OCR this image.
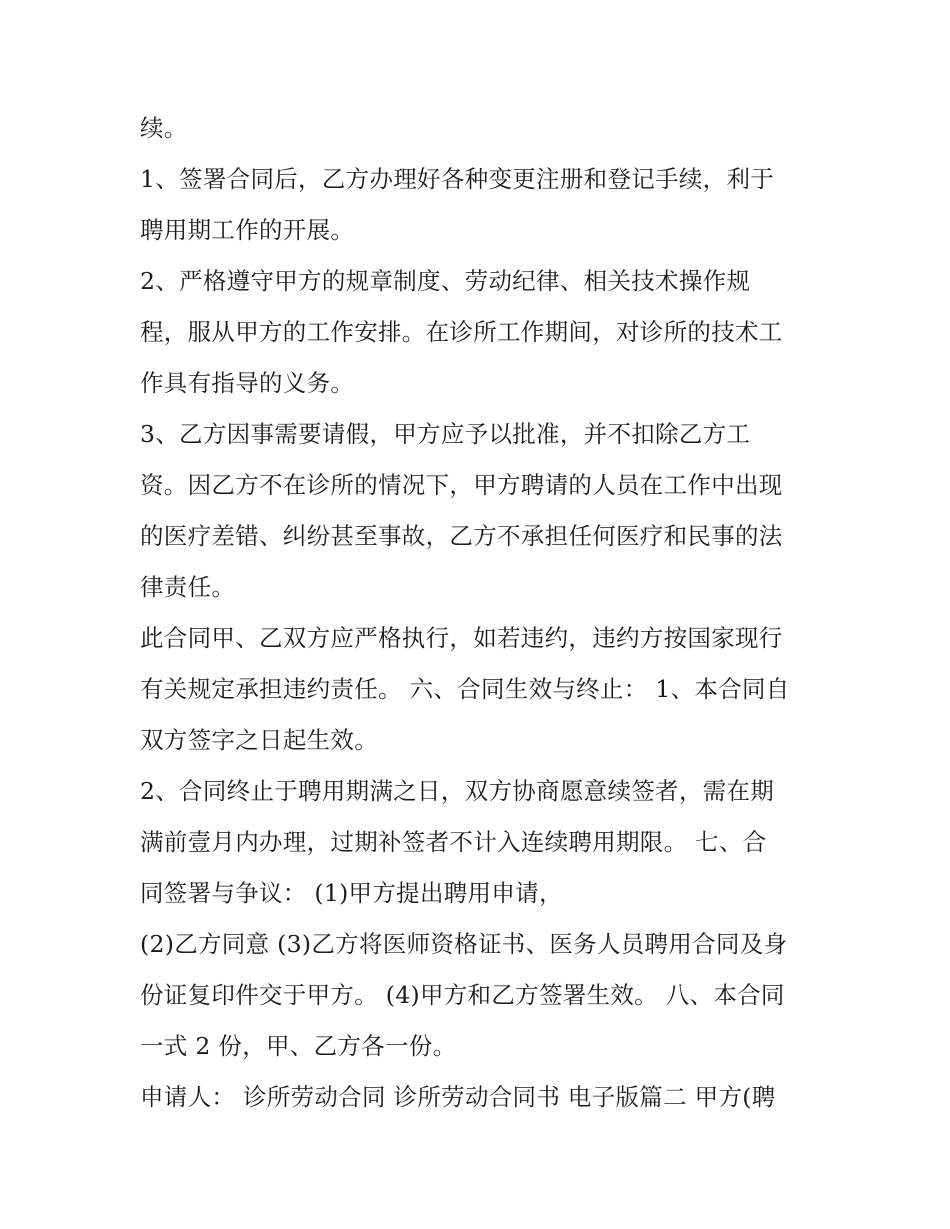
续。
1、签署合同后，乙方办理好各种变更注册和登记手续，利于
聘用期工作的开展。
2、严格遵守甲方的规章制度、劳动纪律、相关技术操作规
程，服从甲方的工作安排。在诊所工作期间，对诊所的技术工
作具有指导的义务。
3、乙方因事需要请假，甲方应予以批准，并不扣除乙方工
资。因乙方不在诊所的情况下，甲方聘请的人员在工作中出现
的医疗差错、纠纷甚至事故，乙方不承担任何医疗和民事的法
律责任。
此合同甲、乙双方应严格执行，如若违约，违约方按国家现行
有关规定承担违约责任。 六、合同生效与终止： 1、本合同自
双方签字之日起生效。
2、合同终止于聘用期满之日，双方协商愿意续签者，需在期
满前壹月内办理，过期补签者不计入连续聘用期限。 七、合
同签署与争议： (1)甲方提出聘用申请，
(2)乙方同意 (3)乙方将医师资格证书、医务人员聘用合同及身
份证复印件交于甲方。 (4)甲方和乙方签署生效。 八、本合同
一式 2 份，甲、乙方各一份。
申请人： 诊所劳动合同 诊所劳动合同书 电子版篇二 甲方(聘
